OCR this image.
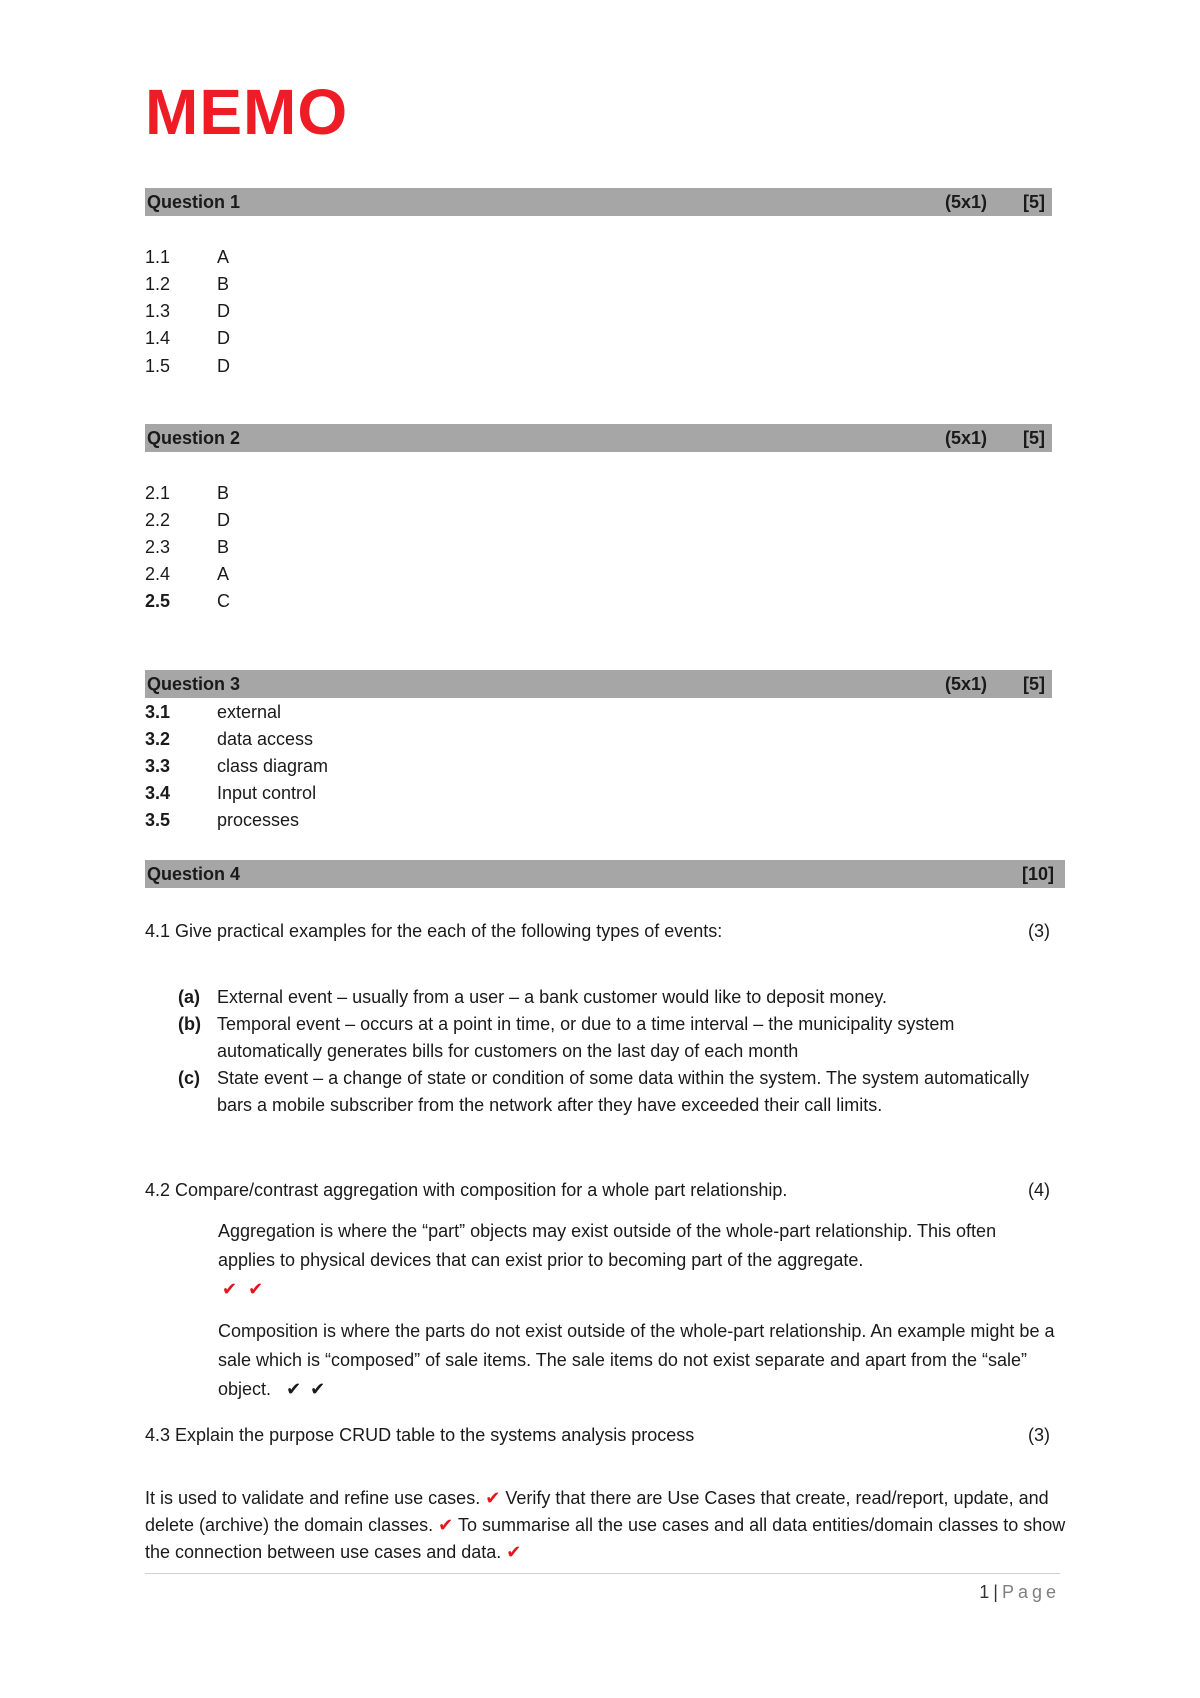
MEMO
Question 1	(5x1) [5]
1.1	A
1.2	B
1.3	D
1.4	D
1.5	D
Question 2	(5x1) [5]
2.1	B
2.2	D
2.3	B
2.4	A
2.5	C
Question 3	(5x1) [5]
3.1	external
3.2	data access
3.3	class diagram
3.4	Input control
3.5	processes
Question 4	[10]
4.1 Give practical examples for the each of the following types of events:	(3)
(a) External event – usually from a user – a bank customer would like to deposit money.
(b) Temporal event – occurs at a point in time, or due to a time interval – the municipality system automatically generates bills for customers on the last day of each month
(c) State event – a change of state or condition of some data within the system. The system automatically bars a mobile subscriber from the network after they have exceeded their call limits.
4.2 Compare/contrast aggregation with composition for a whole part relationship.	(4)
Aggregation is where the “part” objects may exist outside of the whole-part relationship. This often applies to physical devices that can exist prior to becoming part of the aggregate.
✔ ✔
Composition is where the parts do not exist outside of the whole-part relationship. An example might be a sale which is “composed” of sale items. The sale items do not exist separate and apart from the “sale” object. ✔ ✔
4.3 Explain the purpose CRUD table to the systems analysis process	(3)
It is used to validate and refine use cases. ✔ Verify that there are Use Cases that create, read/report, update, and delete (archive) the domain classes. ✔ To summarise all the use cases and all data entities/domain classes to show the connection between use cases and data. ✔
1 | Page
